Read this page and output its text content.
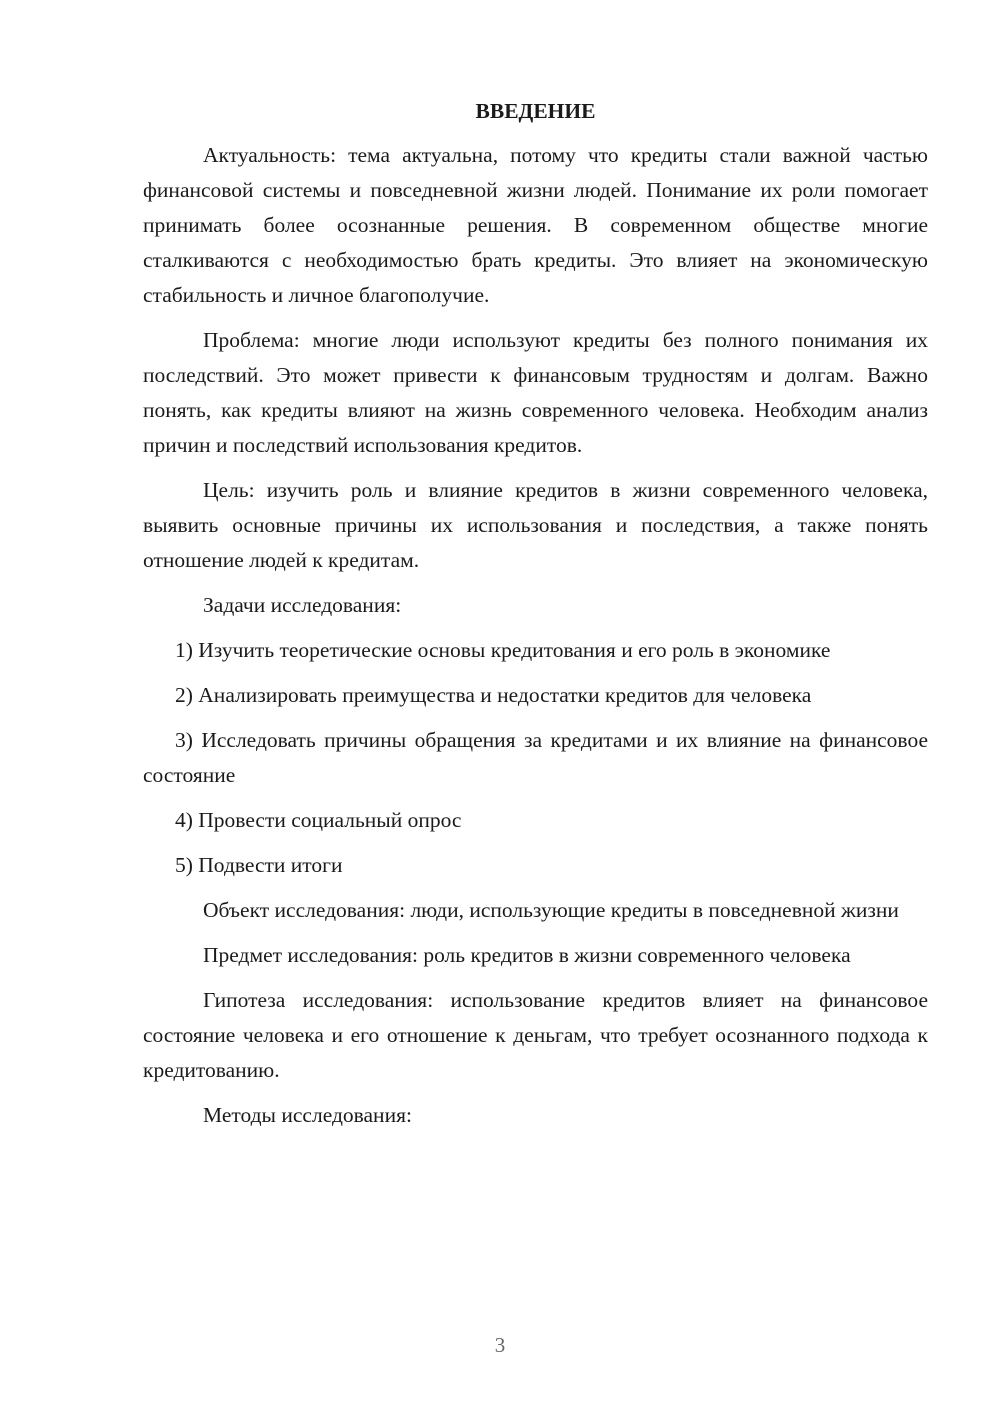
ВВЕДЕНИЕ

Актуальность: тема актуальна, потому что кредиты стали важной частью финансовой системы и повседневной жизни людей. Понимание их роли помогает принимать более осознанные решения. В современном обществе многие сталкиваются с необходимостью брать кредиты. Это влияет на экономическую стабильность и личное благополучие.

Проблема: многие люди используют кредиты без полного понимания их последствий. Это может привести к финансовым трудностям и долгам. Важно понять, как кредиты влияют на жизнь современного человека. Необходим анализ причин и последствий использования кредитов.

Цель: изучить роль и влияние кредитов в жизни современного человека, выявить основные причины их использования и последствия, а также понять отношение людей к кредитам.

Задачи исследования:

1) Изучить теоретические основы кредитования и его роль в экономике

2) Анализировать преимущества и недостатки кредитов для человека

3) Исследовать причины обращения за кредитами и их влияние на финансовое состояние

4) Провести социальный опрос

5) Подвести итоги

Объект исследования: люди, использующие кредиты в повседневной жизни

Предмет исследования: роль кредитов в жизни современного человека

Гипотеза исследования: использование кредитов влияет на финансовое состояние человека и его отношение к деньгам, что требует осознанного подхода к кредитованию.

Методы исследования:

3
